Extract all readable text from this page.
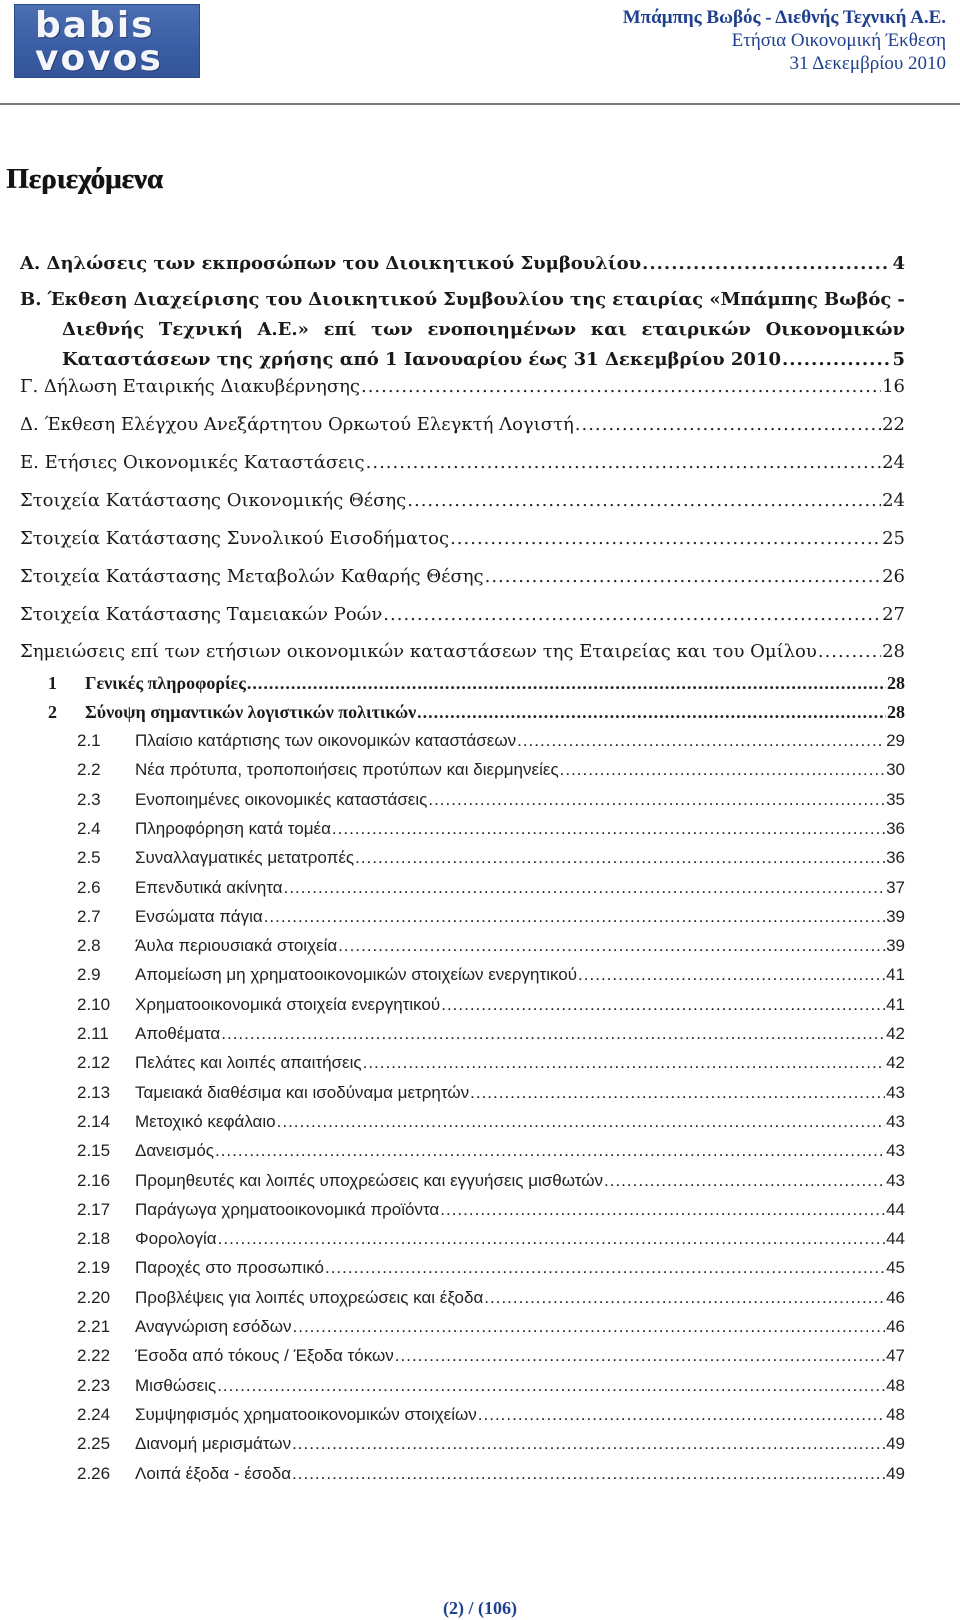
babis
vovos
Μπάμπης Βωβός - Διεθνής Τεχνική Α.Ε.
Ετήσια Οικονομική Έκθεση
31 Δεκεμβρίου 2010
Περιεχόμενα
Α. Δηλώσεις των εκπροσώπων του Διοικητικού Συμβουλίου .....	4
Β. Έκθεση Διαχείρισης του Διοικητικού Συμβουλίου της εταιρίας «Μπάμπης Βωβός -
Διεθνής Τεχνική Α.Ε.» επί των ενοποιημένων και εταιρικών Οικονομικών
Καταστάσεων της χρήσης από 1 Ιανουαρίου έως 31 Δεκεμβρίου 2010 .....	5
Γ. Δήλωση Εταιρικής Διακυβέρνησης .....	16
Δ. Έκθεση Ελέγχου Ανεξάρτητου Ορκωτού Ελεγκτή Λογιστή .....	22
Ε. Ετήσιες Οικονομικές Καταστάσεις .....	24
Στοιχεία Κατάστασης Οικονομικής Θέσης .....	24
Στοιχεία Κατάστασης Συνολικού Εισοδήματος .....	25
Στοιχεία Κατάστασης Μεταβολών Καθαρής Θέσης .....	26
Στοιχεία Κατάστασης Ταμειακών Ροών .....	27
Σημειώσεις επί των ετήσιων οικονομικών καταστάσεων της Εταιρείας και του Ομίλου .....	28
1 Γενικές πληροφορίες .....	28
2 Σύνοψη σημαντικών λογιστικών πολιτικών .....	28
2.1 Πλαίσιο κατάρτισης των οικονομικών καταστάσεων .....	29
2.2 Νέα πρότυπα, τροποποιήσεις προτύπων και διερμηνείες .....	30
2.3 Ενοποιημένες οικονομικές καταστάσεις .....	35
2.4 Πληροφόρηση κατά τομέα .....	36
2.5 Συναλλαγματικές μετατροπές .....	36
2.6 Επενδυτικά ακίνητα .....	37
2.7 Ενσώματα πάγια .....	39
2.8 Άυλα περιουσιακά στοιχεία .....	39
2.9 Απομείωση μη χρηματοοικονομικών στοιχείων ενεργητικού .....	41
2.10 Χρηματοοικονομικά στοιχεία ενεργητικού .....	41
2.11 Αποθέματα .....	42
2.12 Πελάτες και λοιπές απαιτήσεις .....	42
2.13 Ταμειακά διαθέσιμα και ισοδύναμα μετρητών .....	43
2.14 Μετοχικό κεφάλαιο .....	43
2.15 Δανεισμός .....	43
2.16 Προμηθευτές και λοιπές υποχρεώσεις και εγγυήσεις μισθωτών .....	43
2.17 Παράγωγα χρηματοοικονομικά προϊόντα .....	44
2.18 Φορολογία .....	44
2.19 Παροχές στο προσωπικό .....	45
2.20 Προβλέψεις για λοιπές υποχρεώσεις και έξοδα .....	46
2.21 Αναγνώριση εσόδων .....	46
2.22 Έσοδα από τόκους / Έξοδα τόκων .....	47
2.23 Μισθώσεις .....	48
2.24 Συμψηφισμός χρηματοοικονομικών στοιχείων .....	48
2.25 Διανομή μερισμάτων .....	49
2.26 Λοιπά έξοδα - έσοδα .....	49
(2) / (106)
